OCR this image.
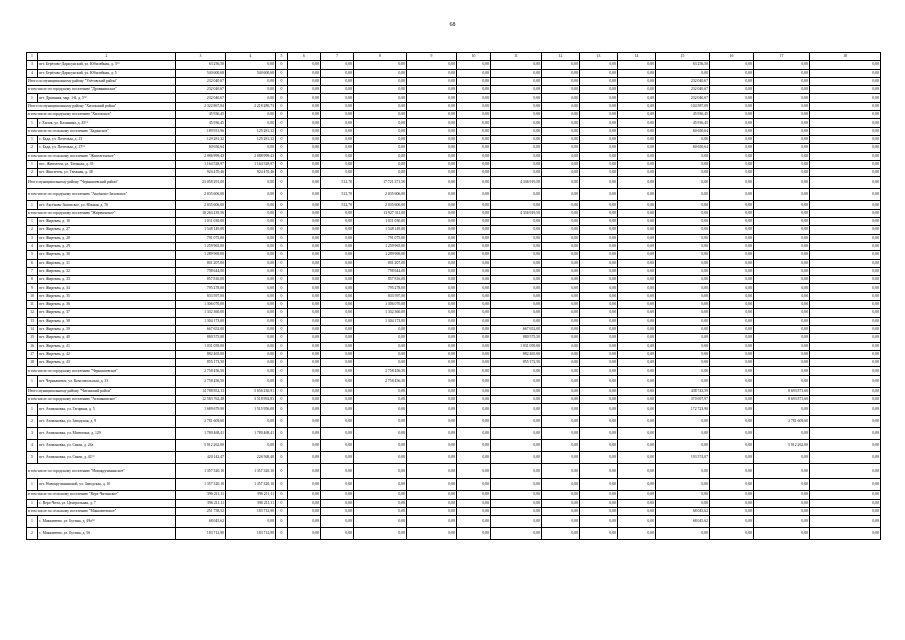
68
1	2	3	4	5	6	7	8	9	10	11	12	13	14	15	16	17	18
3	пгт. Берёзово-Дарасунский, ул. Юбилейная, д. 3⁽³⁾	63 256,50	0,00	0	0,00	0,00	0,00	0,00	0,00	0,00	0,00	0,00	0,00	63 256,50	0,00	0,00	0,00
4	пгт. Берёзово-Дарасунский, ул. Юбилейная, д. 5	540 600,68	540 600,68	0	0,00	0,00	0,00	0,00	0,00	0,00	0,00	0,00	0,00	0,00	0,00	0,00	0,00
Итого по муниципальному району "Улётовский район"		232 040,67	0,00	0	0,00	0,00	0,00	0,00	0,00	0,00	0,00	0,00	0,00	232 040,67	0,00	0,00	0,00
в том числе по городскому поселению "Дровянинское"		232 040,67	0,00	0	0,00	0,00	0,00	0,00	0,00	0,00	0,00	0,00	0,00	232 040,67	0,00	0,00	0,00
1	пгт. Дровяная, мкр. 1-й, д. 5⁽³⁾	232 040,67	0,00	0	0,00	0,00	0,00	0,00	0,00	0,00	0,00	0,00	0,00	232 040,67	0,00	0,00	0,00
Итого по муниципальному району "Хилокский район"		2 322 867,84	2 218 280,73	0	0,00	0,00	0,00	0,00	0,00	0,00	0,00	0,00	0,00	104 587,09	0,00	0,00	0,00
в том числе по городскому поселению "Хилокское"		45 936,45	0,00	0	0,00	0,00	0,00	0,00	0,00	0,00	0,00	0,00	0,00	45 936,45	0,00	0,00	0,00
1	г. Хилок, ул. Калинина, д. 45⁽³⁾	45 936,45	0,00	0	0,00	0,00	0,00	0,00	0,00	0,00	0,00	0,00	0,00	45 936,45	0,00	0,00	0,00
в том числе по сельскому поселению "Бадинское"		189 931,96	129 281,32	0	0,00	0,00	0,00	0,00	0,00	0,00	0,00	0,00	0,00	60 650,64	0,00	0,00	0,00
1	с. Бада, ул. Почтовая, д. 15	129 281,32	129 281,32	0	0,00	0,00	0,00	0,00	0,00	0,00	0,00	0,00	0,00	0,00	0,00	0,00	0,00
2	с. Бада, ул. Почтовая, д. 17⁽³⁾	60 650,64	0,00	0	0,00	0,00	0,00	0,00	0,00	0,00	0,00	0,00	0,00	60 650,64	0,00	0,00	0,00
в том числе по сельскому поселению "Жипхегенское"		2 086 999,43	2 088 999,43	0	0,00	0,00	0,00	0,00	0,00	0,00	0,00	0,00	0,00	0,00	0,00	0,00	0,00
1	пос. Жипхеген, ул. Таежная, д. 35	1 164 528,97	1 164 528,97	0	0,00	0,00	0,00	0,00	0,00	0,00	0,00	0,00	0,00	0,00	0,00	0,00	0,00
2	пгт. Жипхеген, ул. Таежная, д. 38	924 470,46	924 470,46	0	0,00	0,00	0,00	0,00	0,00	0,00	0,00	0,00	0,00	0,00	0,00	0,00	0,00
Итого муниципальному району "Чернышевский район"		23 058 291,00	0,00	0	0,00	512,70	17 721 371,50	0,00	0,00	4 336 919,50	0,00	0,00	0,00	0,00	0,00	0,00	0,00
в том числе по городскому поселению "Аксёново-Зиловское"		2 035 606,00	0,00	0	0,00	512,70	2 035 606,00	0,00	0,00	0,00	0,00	0,00	0,00	0,00	0,00	0,00	0,00
1	пгт. Аксёново-Зиловское, ул. Южная, д. 76	2 035 606,00	0,00	0	0,00	512,70	2 035 606,00	0,00	0,00	0,00	0,00	0,00	0,00	0,00	0,00	0,00	0,00
в том числе по городскому поселению "Жирекенское"		18 264 239,56	0,00	0	0,00	0,00	13 927 311,00	0,00	0,00	4 336 919,50	0,00	0,00	0,00	0,00	0,00	0,00	0,00
1	пгт. Жирекен, д. 16	1 011 030,00	0,00	0	0,00	0,00	1 011 030,00	0,00	0,00	0,00	0,00	0,00	0,00	0,00	0,00	0,00	0,00
2	пгт. Жирекен, д. 27	1 548 149,00	0,00	0	0,00	0,00	1 548 149,00	0,00	0,00	0,00	0,00	0,00	0,00	0,00	0,00	0,00	0,00
3	пгт. Жирекен, д. 28	791 075,00	0,00	0	0,00	0,00	791 075,00	0,00	0,00	0,00	0,00	0,00	0,00	0,00	0,00	0,00	0,00
4	пгт. Жирекен, д. 29	1 259 965,00	0,00	0	0,00	0,00	1 259 965,00	0,00	0,00	0,00	0,00	0,00	0,00	0,00	0,00	0,00	0,00
5	пгт. Жирекен, д. 30	1 289 969,00	0,00	0	0,00	0,00	1 289 969,00	0,00	0,00	0,00	0,00	0,00	0,00	0,00	0,00	0,00	0,00
6	пгт. Жирекен, д. 31	801 207,00	0,00	0	0,00	0,00	801 207,00	0,00	0,00	0,00	0,00	0,00	0,00	0,00	0,00	0,00	0,00
7	пгт. Жирекен, д. 32	798 644,00	0,00	0	0,00	0,00	798 644,00	0,00	0,00	0,00	0,00	0,00	0,00	0,00	0,00	0,00	0,00
8	пгт. Жирекен, д. 33	857 816,00	0,00	0	0,00	0,00	857 816,00	0,00	0,00	0,00	0,00	0,00	0,00	0,00	0,00	0,00	0,00
9	пгт. Жирекен, д. 34	795 278,00	0,00	0	0,00	0,00	795 278,00	0,00	0,00	0,00	0,00	0,00	0,00	0,00	0,00	0,00	0,00
10	пгт. Жирекен, д. 35	833 597,00	0,00	0	0,00	0,00	833 597,00	0,00	0,00	0,00	0,00	0,00	0,00	0,00	0,00	0,00	0,00
11	пгт. Жирекен, д. 36	1 306 070,00	0,00	0	0,00	0,00	1 306 070,00	0,00	0,00	0,00	0,00	0,00	0,00	0,00	0,00	0,00	0,00
12	пгт. Жирекен, д. 37	1 332 360,00	0,00	0	0,00	0,00	1 332 360,00	0,00	0,00	0,00	0,00	0,00	0,00	0,00	0,00	0,00	0,00
13	пгт. Жирекен, д. 38	1 304 173,00	0,00	0	0,00	0,00	1 304 173,00	0,00	0,00	0,00	0,00	0,00	0,00	0,00	0,00	0,00	0,00
14	пгт. Жирекен, д. 39	667 652,00	0,00	0	0,00	0,00	0,00	0,00	0,00	667 652,00	0,00	0,00	0,00	0,00	0,00	0,00	0,00
15	пгт. Жирекен, д. 40	880 575,00	0,00	0	0,00	0,00	0,00	0,00	0,00	880 575,50	0,00	0,00	0,00	0,00	0,00	0,00	0,00
16	пгт. Жирекен, д. 41	1 031 059,00	0,00	0	0,00	0,00	0,00	0,00	0,00	1 031 059,00	0,00	0,00	0,00	0,00	0,00	0,00	0,00
17	пгт. Жирекен, д. 42	882 465,00	0,00	0	0,00	0,00	0,00	0,00	0,00	882 465,00	0,00	0,00	0,00	0,00	0,00	0,00	0,00
18	пгт. Жирекен, д. 43	855 173,50	0,00	0	0,00	0,00	0,00	0,00	0,00	855 172,50	0,00	0,00	0,00	0,00	0,00	0,00	0,00
в том числе по городскому поселению "Чернышевское"		2 758 456,50	0,00	0	0,00	0,00	2 758 456,50	0,00	0,00	0,00	0,00	0,00	0,00	0,00	0,00	0,00	0,00
1	пгт. Чернышевск, ул. Комсомольская, д. 33	2 758 456,50	0,00	0	0,00	0,00	2 758 456,50	0,00	0,00	0,00	0,00	0,00	0,00	0,00	0,00	0,00	0,00
Итого муниципальному району "Читинский район"		14 788 852,13	5 656 236,91	0	0,00	0,00	0,00	0,00	0,00	0,00	0,00	0,00	0,00	438 743,59	0,00	8 693 871,60	0,00
в том числе по городскому поселению "Атамановское"		12 583 762,48	3 518 992,83	0	0,00	0,00	0,00	0,00	0,00	0,00	0,00	0,00	0,00	370 697,97	0,00	8 693 871,60	0,00
1	пгт. Атамановка, ул. Гагарина, д. 5	1 689 679,90	1 515 956,00	0	0,00	0,00	0,00	0,00	0,00	0,00	0,00	0,00	0,00	172 723,90	0,00	0,00	0,00
2	пгт. Атамановка, ул. Заводская, д. 9	2 781 609,60	0,00	0	0,00	0,00	0,00	0,00	0,00	0,00	0,00	0,00	0,00	0,00	0,00	2 781 609,60	0,00
3	пгт. Атамановка, ул. Матюгина, д. 129	1 780 468,41	1 780 468,41	0	0,00	0,00	0,00	0,00	0,00	0,00	0,00	0,00	0,00	0,00	0,00	0,00	0,00
4	пгт. Атамановка, ул. Связи, д. 24а	5 912 262,00	0,00	0	0,00	0,00	0,00	0,00	0,00	0,00	0,00	0,00	0,00	0,00	0,00	5 912 262,00	0,00
5	пгт. Атамановка, ул. Связи, д. 42⁽³⁾	420 142,47	226 568,40	0	0,00	0,00	0,00	0,00	0,00	0,00	0,00	0,00	0,00	193 574,07	0,00	0,00	0,00
в том числе по городскому поселению "Новокручининское"		1 357 320,10	1 357 320,10	0	0,00	0,00	0,00	0,00	0,00	0,00	0,00	0,00	0,00	0,00	0,00	0,00	0,00
1	пгт. Новокручининский, ул. Заводская, д. 10	1 357 320,10	1 357 320,10	0	0,00	0,00	0,00	0,00	0,00	0,00	0,00	0,00	0,00	0,00	0,00	0,00	0,00
в том числе по сельскому поселению "Верх-Читинское"		596 211,11	596 211,11	0	0,00	0,00	0,00	0,00	0,00	0,00	0,00	0,00	0,00	0,00	0,00	0,00	0,00
1	с. Верх-Чита, ул. Центральная, д. 7	596 211,11	596 211,11	0	0,00	0,00	0,00	0,00	0,00	0,00	0,00	0,00	0,00	0,00	0,00	0,00	0,00
в том числе по сельскому поселению "Маккавеевское"		251 758,52	183 712,90	0	0,00	0,00	0,00	0,00	0,00	0,00	0,00	0,00	0,00	68 045,62	0,00	0,00	0,00
1	с. Маккавеево, ул. Бутина, д. 49а⁽³⁾	68 045,62	0,00	0	0,00	0,00	0,00	0,00	0,00	0,00	0,00	0,00	0,00	68 045,62	0,00	0,00	0,00
2	с. Маккавеево, ул. Бутина, д. 56	183 712,90	183 712,90	0	0,00	0,00	0,00	0,00	0,00	0,00	0,00	0,00	0,00	0,00	0,00	0,00	0,00
